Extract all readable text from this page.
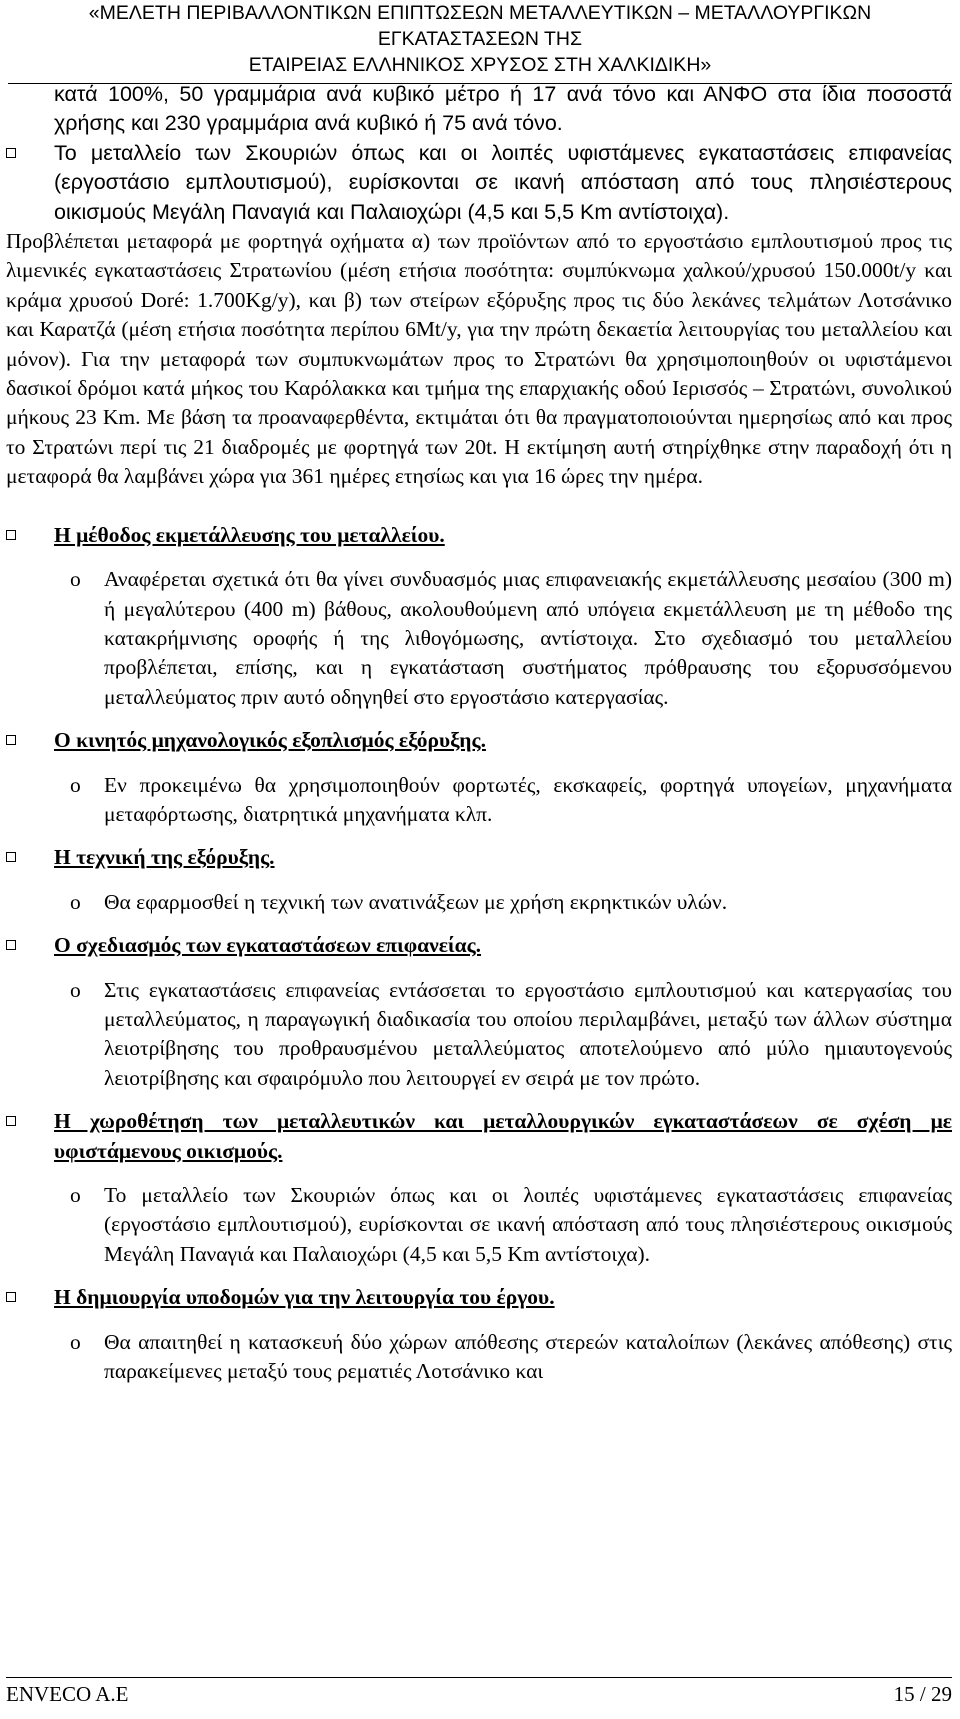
«ΜΕΛΕΤΗ ΠΕΡΙΒΑΛΛΟΝΤΙΚΩΝ ΕΠΙΠΤΩΣΕΩΝ ΜΕΤΑΛΛΕΥΤΙΚΩΝ – ΜΕΤΑΛΛΟΥΡΓΙΚΩΝ ΕΓΚΑΤΑΣΤΑΣΕΩΝ ΤΗΣ
ΕΤΑΙΡΕΙΑΣ ΕΛΛΗΝΙΚΟΣ ΧΡΥΣΟΣ ΣΤΗ ΧΑΛΚΙΔΙΚΗ»

κατά 100%, 50 γραμμάρια ανά κυβικό μέτρο ή 17 ανά τόνο και ΑΝΦΟ στα ίδια ποσοστά χρήσης και 230 γραμμάρια ανά κυβικό ή 75 ανά τόνο.

Το μεταλλείο των Σκουριών όπως και οι λοιπές υφιστάμενες εγκαταστάσεις επιφανείας (εργοστάσιο εμπλουτισμού), ευρίσκονται σε ικανή απόσταση από τους πλησιέστερους οικισμούς Μεγάλη Παναγιά και Παλαιοχώρι (4,5 και 5,5 Km αντίστοιχα).

Προβλέπεται μεταφορά με φορτηγά οχήματα α) των προϊόντων από το εργοστάσιο εμπλουτισμού προς τις λιμενικές εγκαταστάσεις Στρατωνίου (μέση ετήσια ποσότητα: συμπύκνωμα χαλκού/χρυσού 150.000t/y και κράμα χρυσού Doré: 1.700Kg/y), και β) των στείρων εξόρυξης προς τις δύο λεκάνες τελμάτων Λοτσάνικο και Καρατζά (μέση ετήσια ποσότητα περίπου 6Mt/y, για την πρώτη δεκαετία λειτουργίας του μεταλλείου και μόνον). Για την μεταφορά των συμπυκνωμάτων προς το Στρατώνι θα χρησιμοποιηθούν οι υφιστάμενοι δασικοί δρόμοι κατά μήκος του Καρόλακκα και τμήμα της επαρχιακής οδού Ιερισσός – Στρατώνι, συνολικού μήκους 23 Km. Με βάση τα προαναφερθέντα, εκτιμάται ότι θα πραγματοποιούνται ημερησίως από και προς το Στρατώνι περί τις 21 διαδρομές με φορτηγά των 20t. Η εκτίμηση αυτή στηρίχθηκε στην παραδοχή ότι η μεταφορά θα λαμβάνει χώρα για 361 ημέρες ετησίως και για 16 ώρες την ημέρα.

Η μέθοδος εκμετάλλευσης του μεταλλείου.
o Αναφέρεται σχετικά ότι θα γίνει συνδυασμός μιας επιφανειακής εκμετάλλευσης μεσαίου (300 m) ή μεγαλύτερου (400 m) βάθους, ακολουθούμενη από υπόγεια εκμετάλλευση με τη μέθοδο της κατακρήμνισης οροφής ή της λιθογόμωσης, αντίστοιχα. Στο σχεδιασμό του μεταλλείου προβλέπεται, επίσης, και η εγκατάσταση συστήματος πρόθραυσης του εξορυσσόμενου μεταλλεύματος πριν αυτό οδηγηθεί στο εργοστάσιο κατεργασίας.
Ο κινητός μηχανολογικός εξοπλισμός εξόρυξης.
o Εν προκειμένω θα χρησιμοποιηθούν φορτωτές, εκσκαφείς, φορτηγά υπογείων, μηχανήματα μεταφόρτωσης, διατρητικά μηχανήματα κλπ.
Η τεχνική της εξόρυξης.
o Θα εφαρμοσθεί η τεχνική των ανατινάξεων με χρήση εκρηκτικών υλών.
Ο σχεδιασμός των εγκαταστάσεων επιφανείας.
o Στις εγκαταστάσεις επιφανείας εντάσσεται το εργοστάσιο εμπλουτισμού και κατεργασίας του μεταλλεύματος, η παραγωγική διαδικασία του οποίου περιλαμβάνει, μεταξύ των άλλων σύστημα λειοτρίβησης του προθραυσμένου μεταλλεύματος αποτελούμενο από μύλο ημιαυτογενούς λειοτρίβησης και σφαιρόμυλο που λειτουργεί εν σειρά με τον πρώτο.
Η χωροθέτηση των μεταλλευτικών και μεταλλουργικών εγκαταστάσεων σε σχέση με υφιστάμενους οικισμούς.
o Το μεταλλείο των Σκουριών όπως και οι λοιπές υφιστάμενες εγκαταστάσεις επιφανείας (εργοστάσιο εμπλουτισμού), ευρίσκονται σε ικανή απόσταση από τους πλησιέστερους οικισμούς Μεγάλη Παναγιά και Παλαιοχώρι (4,5 και 5,5 Km αντίστοιχα).
Η δημιουργία υποδομών για την λειτουργία του έργου.
o Θα απαιτηθεί η κατασκευή δύο χώρων απόθεσης στερεών καταλοίπων (λεκάνες απόθεσης) στις παρακείμενες μεταξύ τους ρεματιές Λοτσάνικο και
ENVECO A.E	15 / 29
